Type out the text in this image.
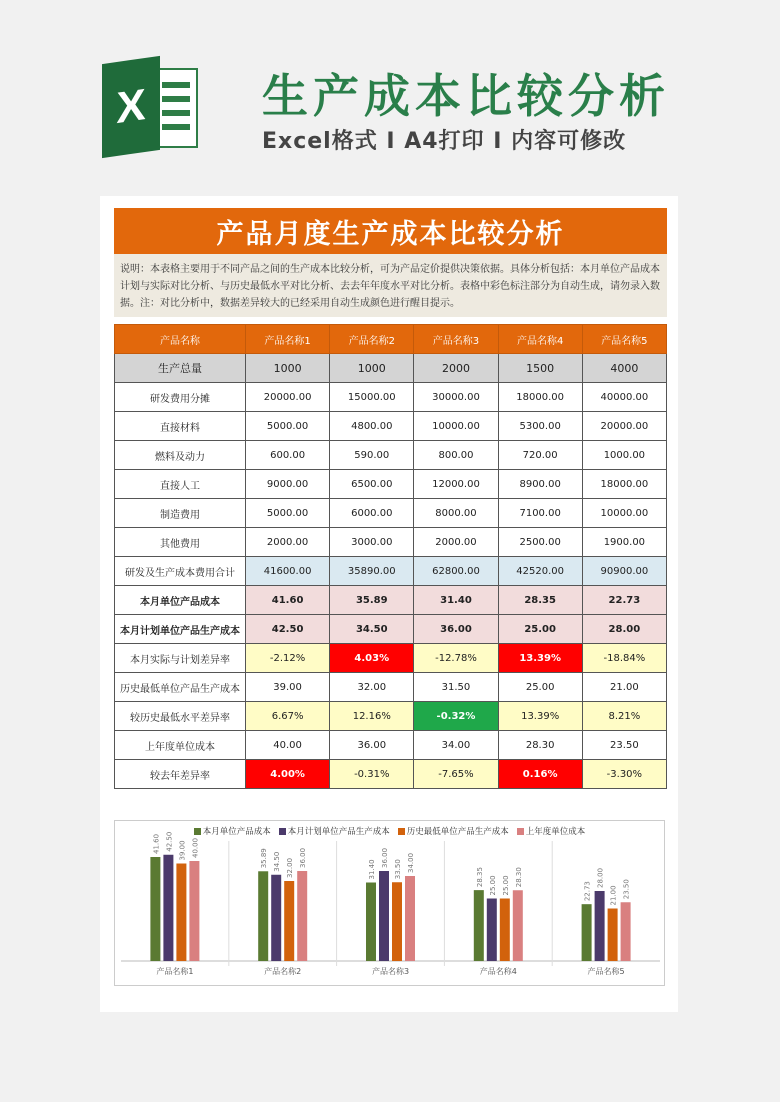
X	生产成本比较分析
Excel格式 I A4打印 I 内容可修改
产品月度生产成本比较分析
说明：本表格主要用于不同产品之间的生产成本比较分析，可为产品定价提供决策依据。具体分析包括：本月单位产品成本计划与实际对比分析、与历史最低水平对比分析、去去年年度水平对比分析。表格中彩色标注部分为自动生成，请勿录入数据。注：对比分析中，数据差异较大的已经采用自动生成颜色进行醒目提示。
产品名称	产品名称1	产品名称2	产品名称3	产品名称4	产品名称5
生产总量	1000	1000	2000	1500	4000
研发费用分摊	20000.00	15000.00	30000.00	18000.00	40000.00
直接材料	5000.00	4800.00	10000.00	5300.00	20000.00
燃料及动力	600.00	590.00	800.00	720.00	1000.00
直接人工	9000.00	6500.00	12000.00	8900.00	18000.00
制造费用	5000.00	6000.00	8000.00	7100.00	10000.00
其他费用	2000.00	3000.00	2000.00	2500.00	1900.00
研发及生产成本费用合计	41600.00	35890.00	62800.00	42520.00	90900.00
本月单位产品成本	41.60	35.89	31.40	28.35	22.73
本月计划单位产品生产成本	42.50	34.50	36.00	25.00	28.00
本月实际与计划差异率	-2.12%	4.03%	-12.78%	13.39%	-18.84%
历史最低单位产品生产成本	39.00	32.00	31.50	25.00	21.00
较历史最低水平差异率	6.67%	12.16%	-0.32%	13.39%	8.21%
上年度单位成本	40.00	36.00	34.00	28.30	23.50
较去年差异率	4.00%	-0.31%	-7.65%	0.16%	-3.30%
本月单位产品成本	本月计划单位产品生产成本	历史最低单位产品生产成本	上年度单位成本
41.60 42.50 39.00 40.00
产品名称1
35.89 34.50 32.00 36.00
产品名称2
31.40
36.00
33.50 34.00
产品名称3
28.35 25.00 25.00 28.30
产品名称4
22.73
28.00
21.00 23.50
产品名称5
